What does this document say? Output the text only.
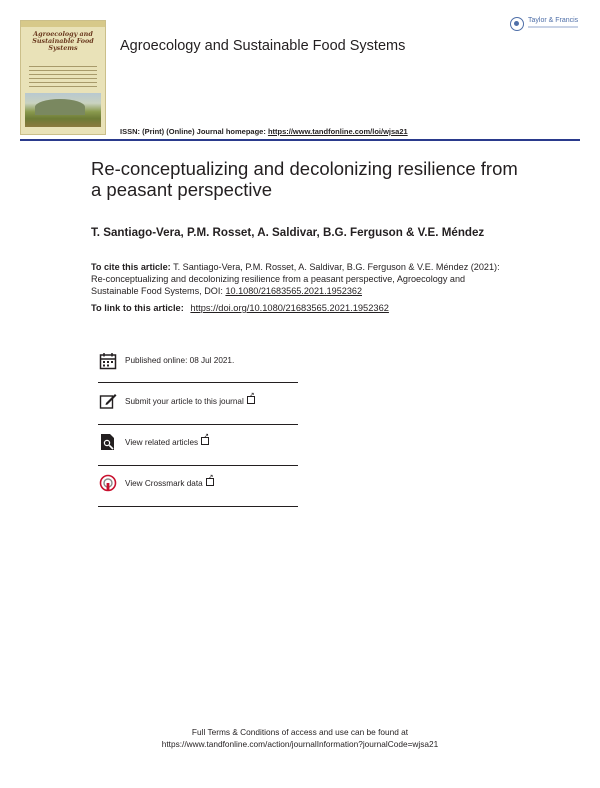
Agroecology and Sustainable Food Systems	Agroecology and Sustainable Food Systems
Taylor & Francis
ISSN: (Print) (Online) Journal homepage: https://www.tandfonline.com/loi/wjsa21
Re-conceptualizing and decolonizing resilience from a peasant perspective
T. Santiago-Vera, P.M. Rosset, A. Saldivar, B.G. Ferguson & V.E. Méndez
To cite this article: T. Santiago-Vera, P.M. Rosset, A. Saldivar, B.G. Ferguson & V.E. Méndez (2021): Re-conceptualizing and decolonizing resilience from a peasant perspective, Agroecology and Sustainable Food Systems, DOI: 10.1080/21683565.2021.1952362
To link to this article: https://doi.org/10.1080/21683565.2021.1952362
Published online: 08 Jul 2021.
Submit your article to this journal↗
View related articles↗
View Crossmark data↗
Full Terms & Conditions of access and use can be found at
https://www.tandfonline.com/action/journalInformation?journalCode=wjsa21
